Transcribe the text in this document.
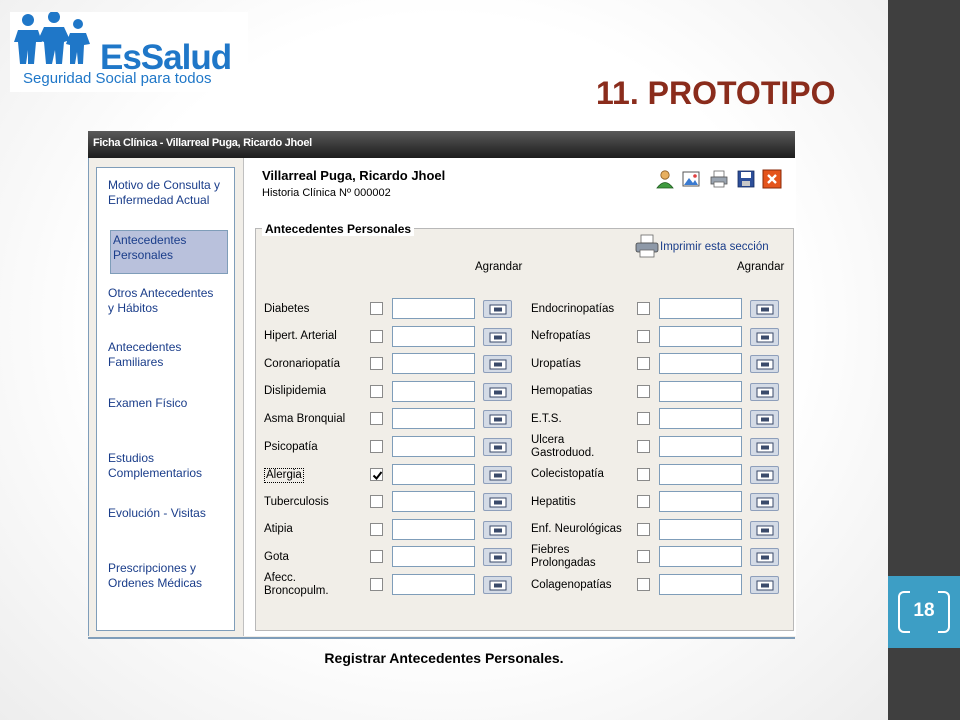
EsSalud
Seguridad Social para todos	11. PROTOTIPO
Ficha Clínica - Villarreal Puga, Ricardo Jhoel
Motivo de Consulta y
Enfermedad Actual
Antecedentes
Personales
Otros Antecedentes
y Hábitos
Antecedentes
Familiares
Examen Físico
Estudios
Complementarios
Evolución - Visitas
Prescripciones y
Ordenes Médicas
Villarreal Puga, Ricardo Jhoel
Historia Clínica Nº 000002
Antecedentes Personales
Imprimir esta sección
Agrandar	Agrandar
Diabetes
Hipert. Arterial
Coronariopatía
Dislipidemia
Asma Bronquial
Psicopatía
Alergia
Tuberculosis
Atipia
Gota
Afecc.
Broncopulm.
Endocrinopatías
Nefropatías
Uropatías
Hemopatias
E.T.S.
Ulcera
Gastroduod.
Colecistopatía
Hepatitis
Enf. Neurológicas
Fiebres
Prolongadas
Colagenopatías
18
Registrar Antecedentes Personales.
